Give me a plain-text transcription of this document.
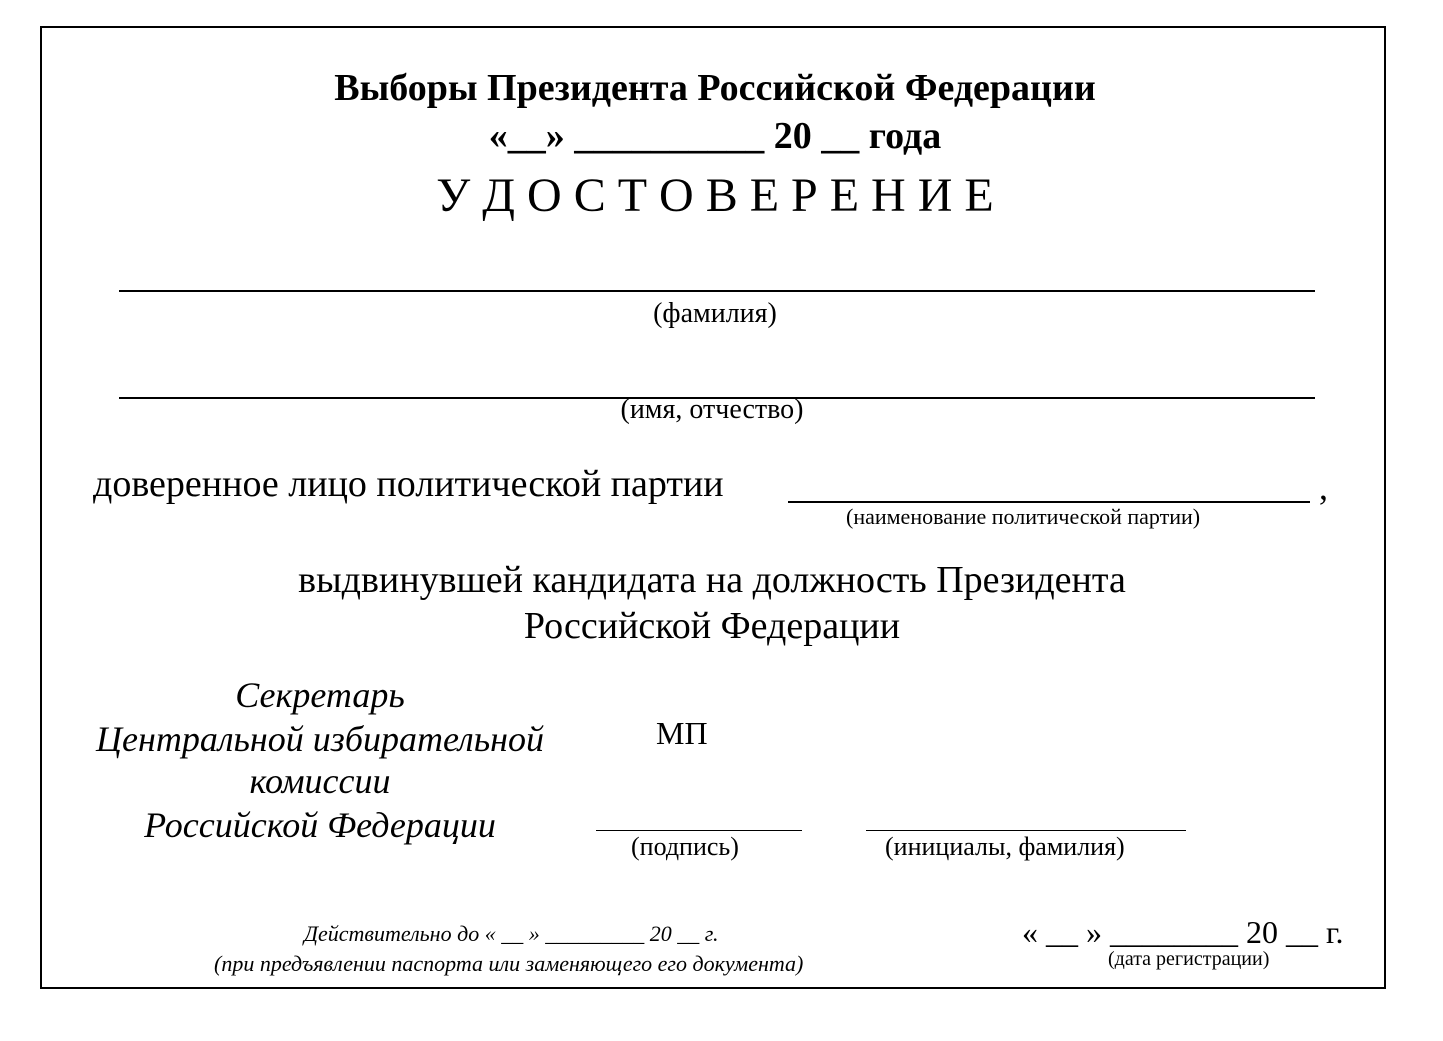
Выборы Президента Российской Федерации
«__» __________ 20 __ года
У Д О С Т О В Е Р Е Н И Е
(фамилия)
(имя, отчество)
доверенное лицо политической партии	,
(наименование политической партии)
выдвинувшей кандидата на должность Президента
Российской Федерации
Секретарь
Центральной избирательной
комиссии
Российской Федерации
МП
(подпись)	(инициалы, фамилия)
Действительно до « __ » _________ 20 __ г.
(при предъявлении паспорта или заменяющего его документа)
« __ » ________ 20 __ г.
(дата регистрации)
